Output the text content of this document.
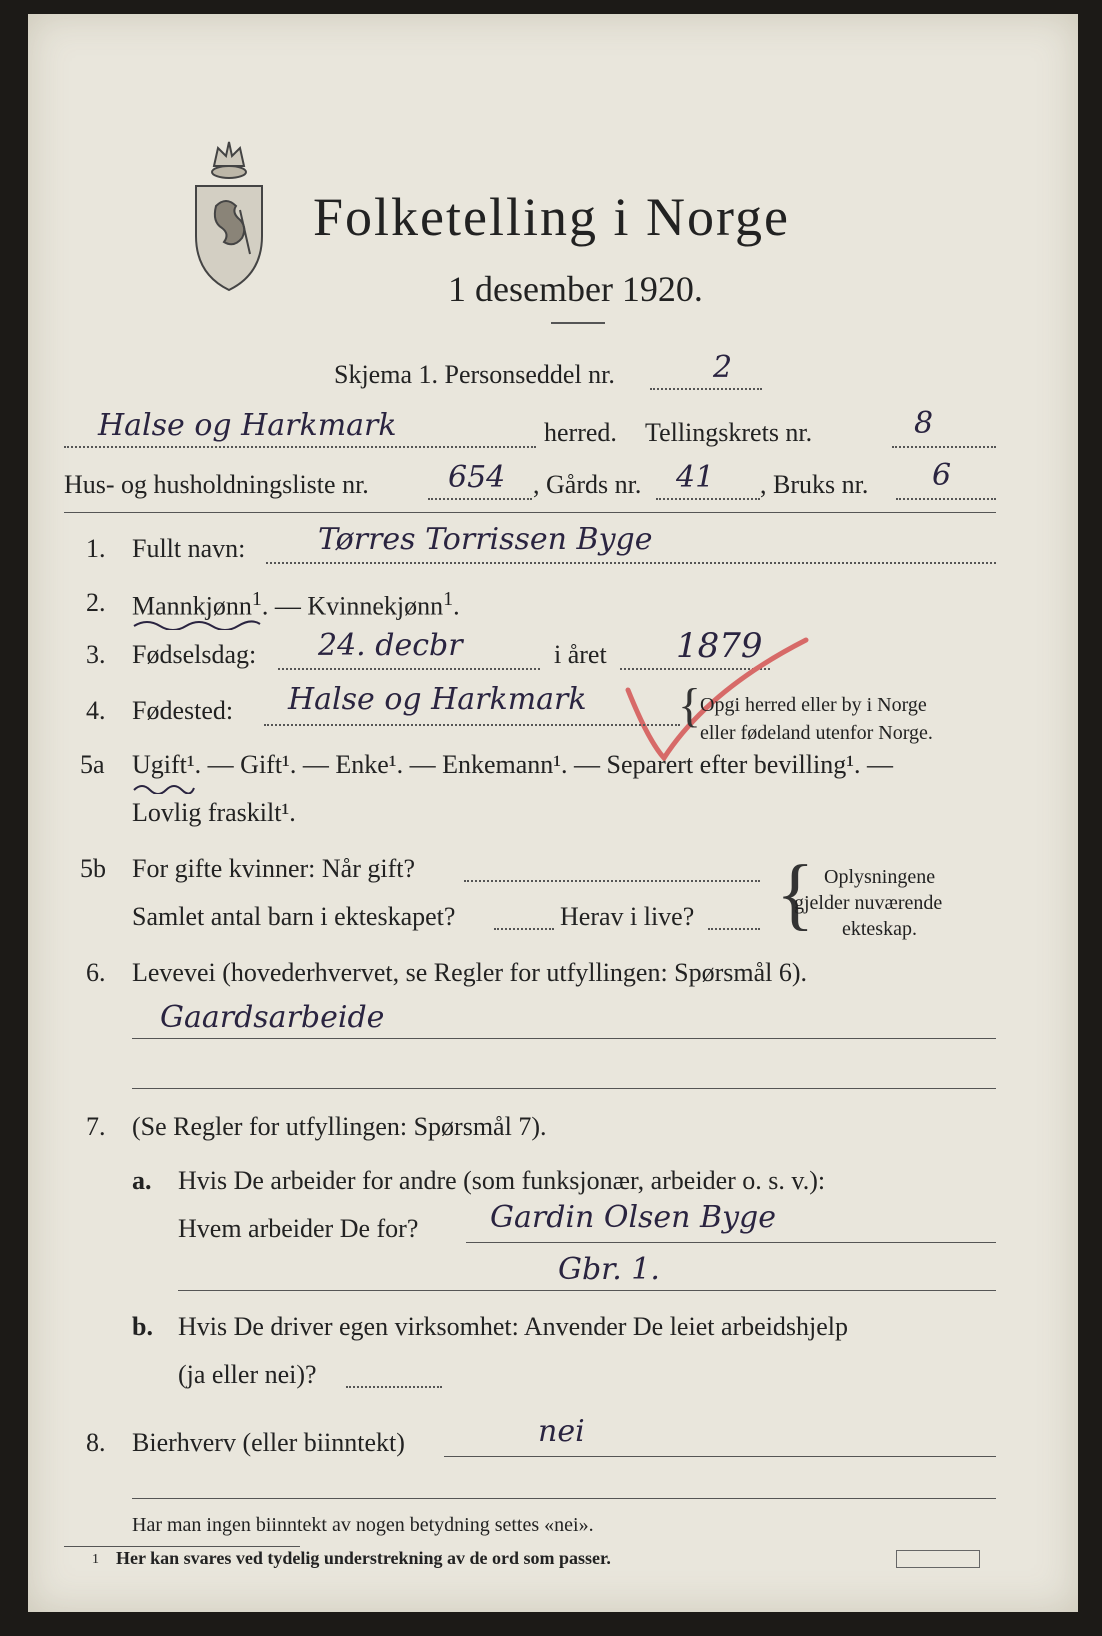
Folketelling i Norge
1 desember 1920.
Skjema 1. Personseddel nr.	2
Halse og Harkmark	herred. Tellingskrets nr.	8
Hus- og husholdningsliste nr.	654 , Gårds nr. 41 , Bruks nr. 6
1. Fullt navn: Tørres Torrissen Byge
2. Mannkjønn$^1$. — Kvinnekjønn$^1$.
3. Fødselsdag: 24. decbr	i året 1879
4. Fødested: Halse og Harkmark {
Opgi herred eller by i Norge
eller fødeland utenfor Norge.
5a Ugift¹. — Gift¹. — Enke¹. — Enkemann¹. — Separert efter bevilling¹. —
Lovlig fraskilt¹.
5b For gifte kvinner: Når gift?
Samlet antal barn i ekteskapet?	Herav i live? { Oplysningene
gjelder nuværende
ekteskap.
6. Levevei (hovederhvervet, se Regler for utfyllingen: Spørsmål 6).
Gaardsarbeide
7. (Se Regler for utfyllingen: Spørsmål 7).
a. Hvis De arbeider for andre (som funksjonær, arbeider o. s. v.):
Hvem arbeider De for? Gardin Olsen Byge
Gbr. 1.
b. Hvis De driver egen virksomhet: Anvender De leiet arbeidshjelp
(ja eller nei)?
8. Bierhverv (eller biinntekt)	nei
Har man ingen biinntekt av nogen betydning settes «nei».
1 Her kan svares ved tydelig understrekning av de ord som passer.
